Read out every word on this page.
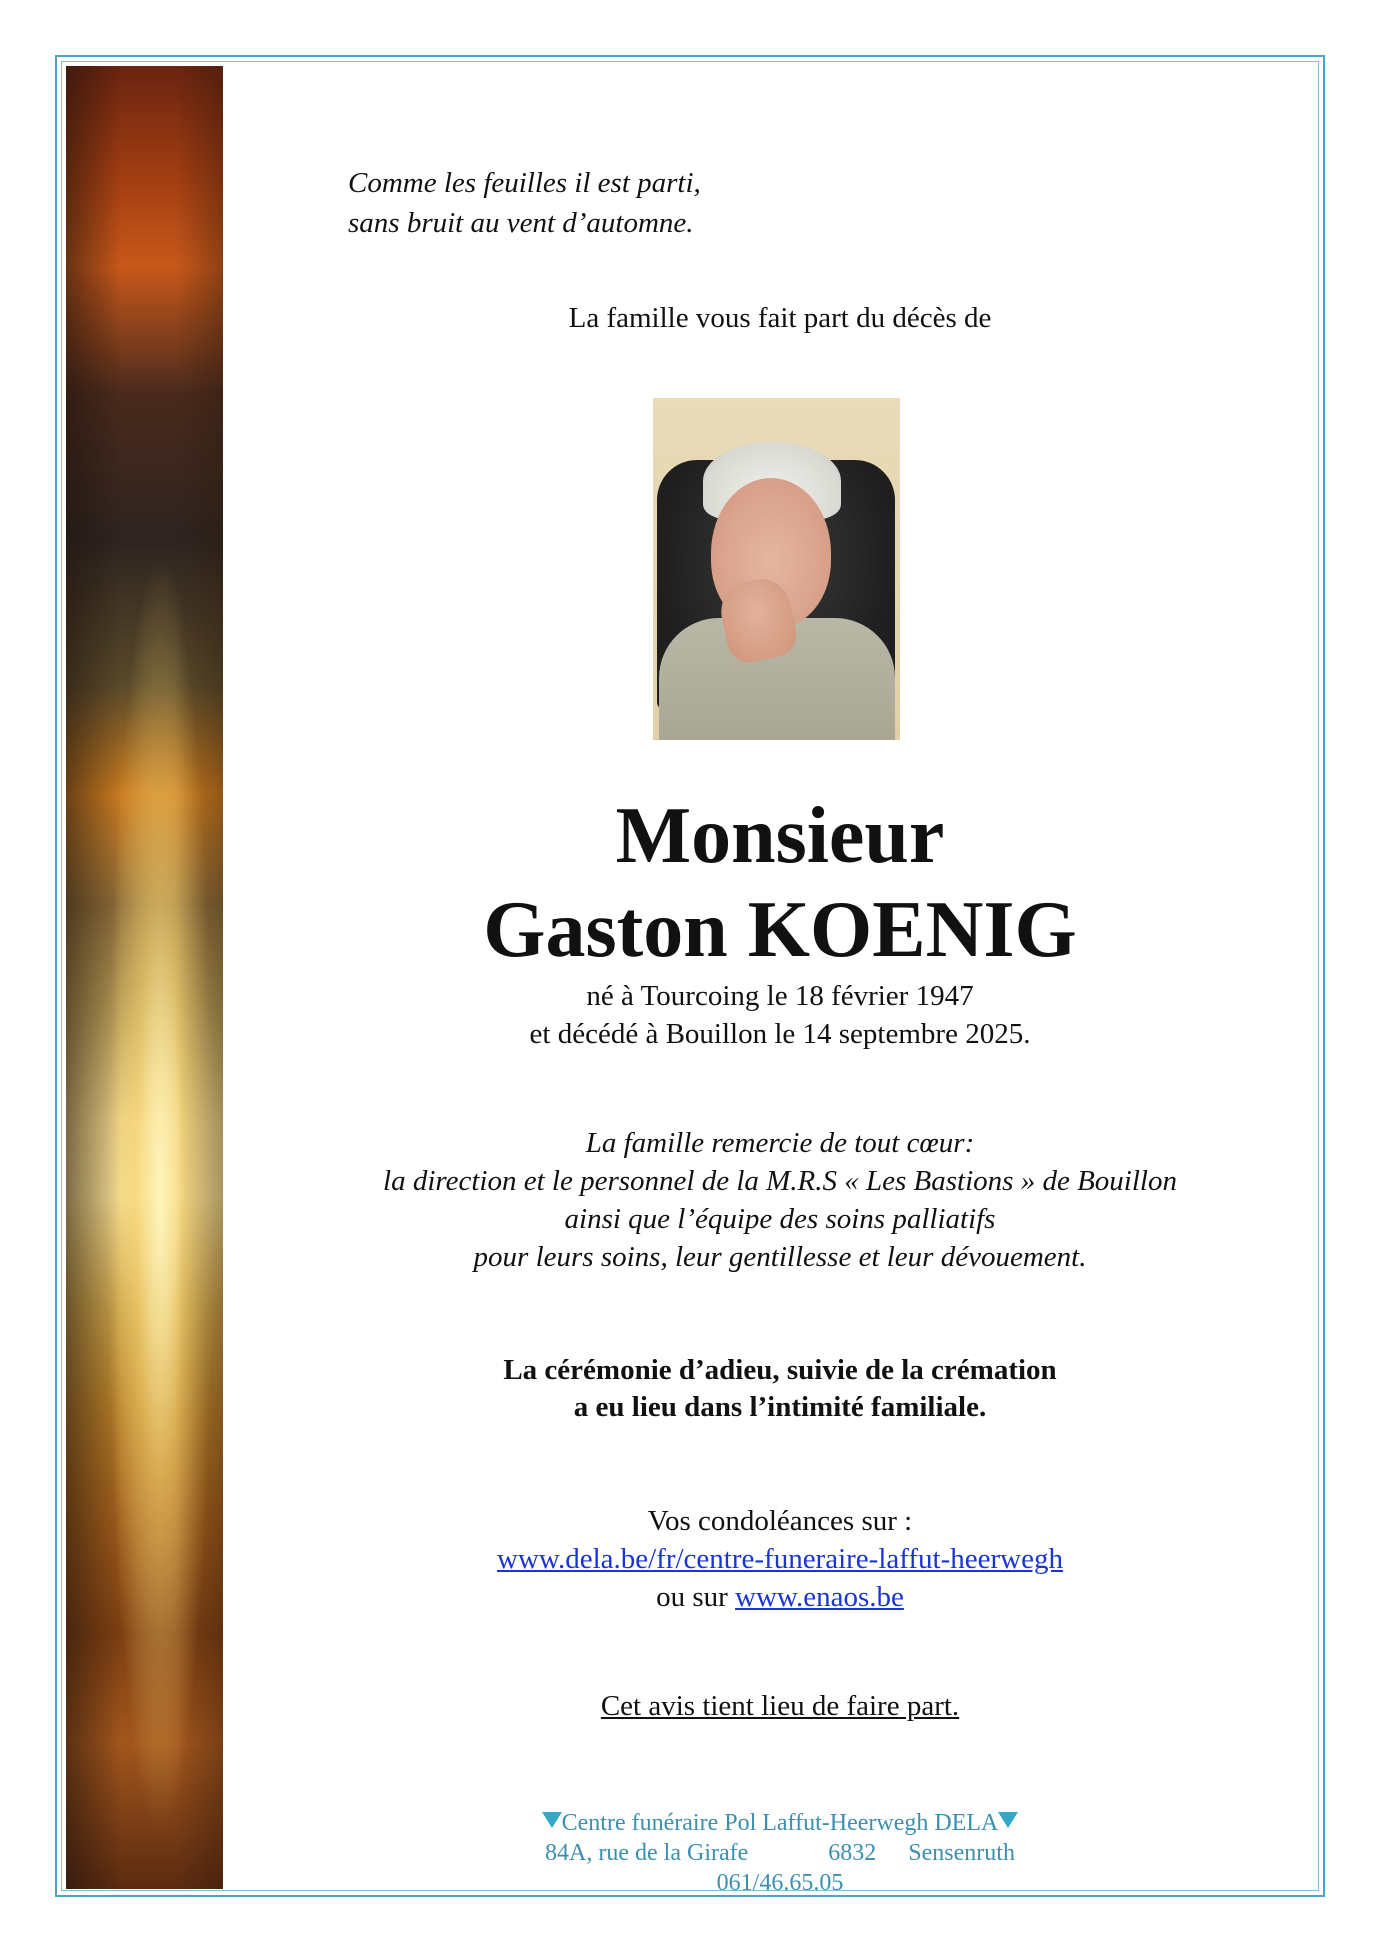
Comme les feuilles il est parti,
sans bruit au vent d’automne.
La famille vous fait part du décès de
Monsieur
Gaston KOENIG
né à Tourcoing le 18 février 1947
et décédé à Bouillon le 14 septembre 2025.
La famille remercie de tout cœur:
la direction et le personnel de la M.R.S « Les Bastions » de Bouillon
ainsi que l’équipe des soins palliatifs
pour leurs soins, leur gentillesse et leur dévouement.
La cérémonie d’adieu, suivie de la crémation
a eu lieu dans l’intimité familiale.
Vos condoléances sur :
www.dela.be/fr/centre-funeraire-laffut-heerwegh
ou sur www.enaos.be
Cet avis tient lieu de faire part.
Centre funéraire Pol Laffut-Heerwegh DELA
84A, rue de la Girafe	6832 Sensenruth
061/46.65.05
